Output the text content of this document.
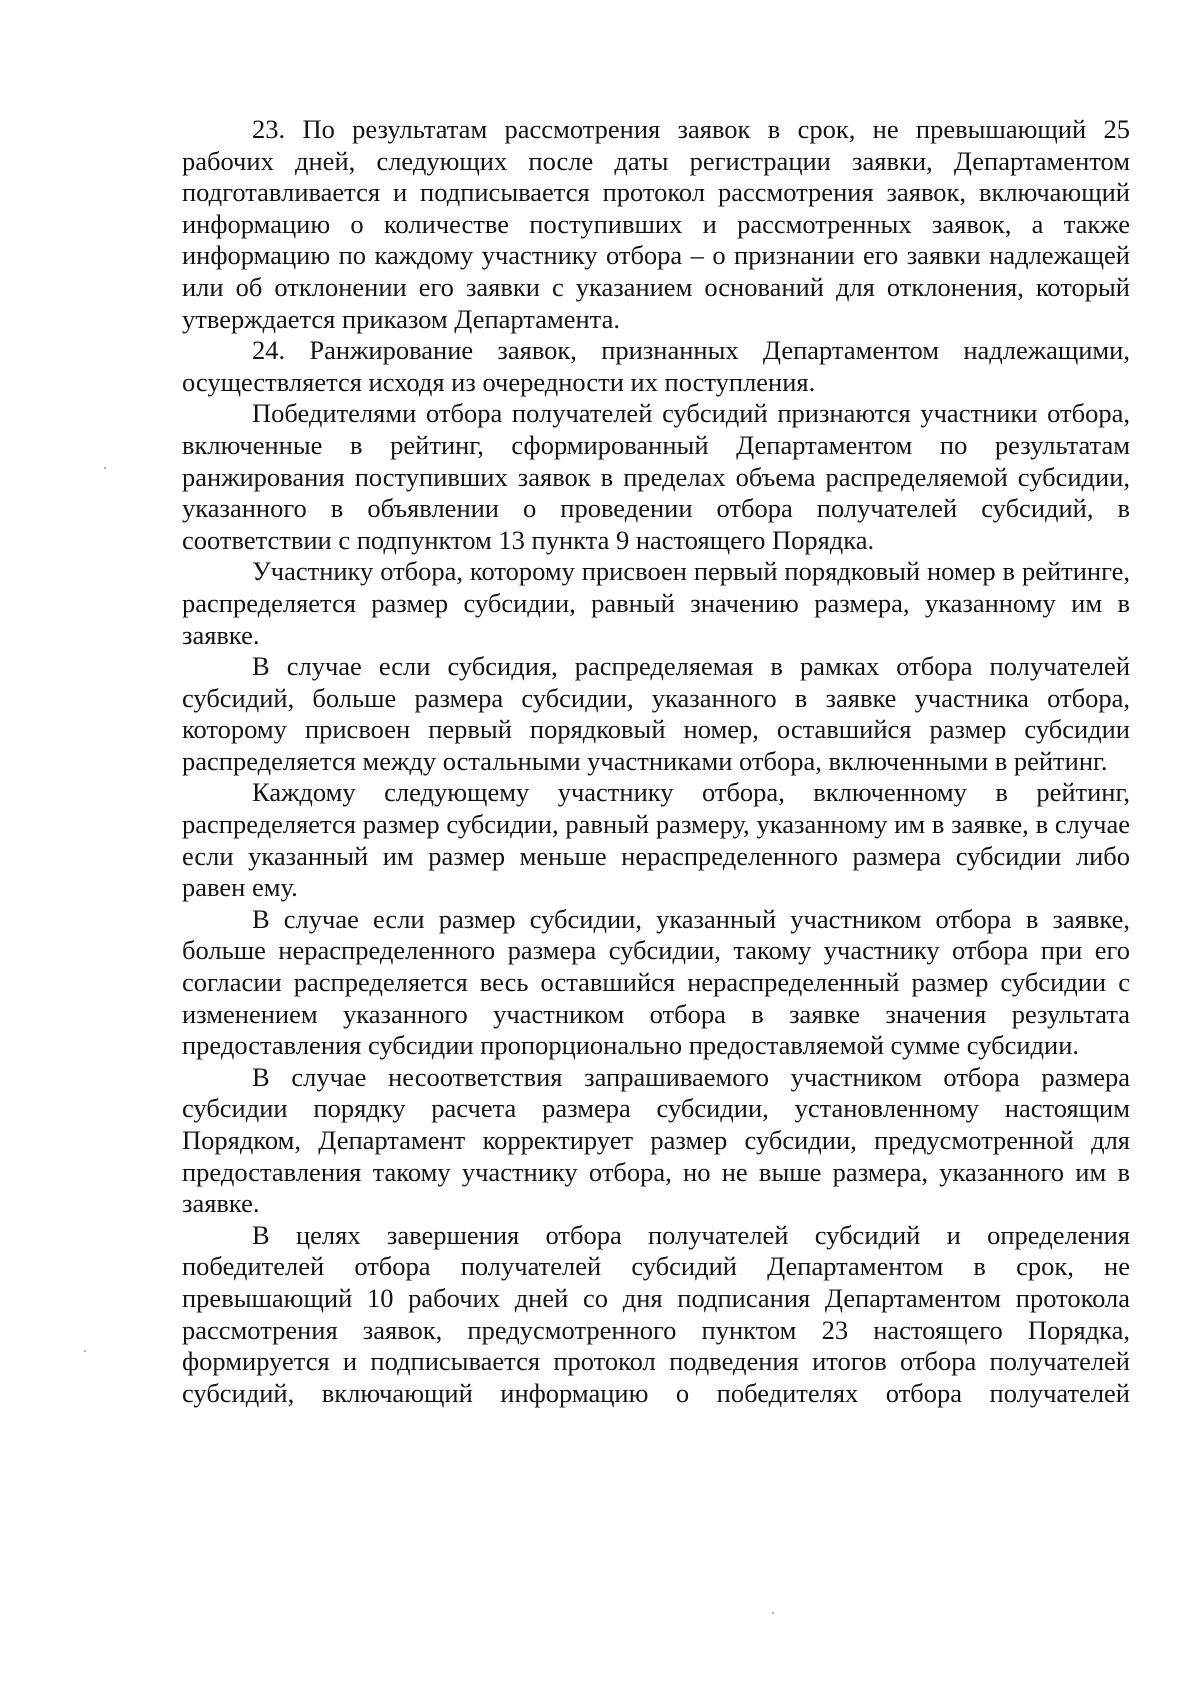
23. По результатам рассмотрения заявок в срок, не превышающий 25 рабочих дней, следующих после даты регистрации заявки, Департаментом подготавливается и подписывается протокол рассмотрения заявок, включающий информацию о количестве поступивших и рассмотренных заявок, а также информацию по каждому участнику отбора – о признании его заявки надлежащей или об отклонении его заявки с указанием оснований для отклонения, который утверждается приказом Департамента.

24. Ранжирование заявок, признанных Департаментом надлежащими, осуществляется исходя из очередности их поступления.

Победителями отбора получателей субсидий признаются участники отбора, включенные в рейтинг, сформированный Департаментом по результатам ранжирования поступивших заявок в пределах объема распределяемой субсидии, указанного в объявлении о проведении отбора получателей субсидий, в соответствии с подпунктом 13 пункта 9 настоящего Порядка.

Участнику отбора, которому присвоен первый порядковый номер в рейтинге, распределяется размер субсидии, равный значению размера, указанному им в заявке.

В случае если субсидия, распределяемая в рамках отбора получателей субсидий, больше размера субсидии, указанного в заявке участника отбора, которому присвоен первый порядковый номер, оставшийся размер субсидии распределяется между остальными участниками отбора, включенными в рейтинг.

Каждому следующему участнику отбора, включенному в рейтинг, распределяется размер субсидии, равный размеру, указанному им в заявке, в случае если указанный им размер меньше нераспределенного размера субсидии либо равен ему.

В случае если размер субсидии, указанный участником отбора в заявке, больше нераспределенного размера субсидии, такому участнику отбора при его согласии распределяется весь оставшийся нераспределенный размер субсидии с изменением указанного участником отбора в заявке значения результата предоставления субсидии пропорционально предоставляемой сумме субсидии.

В случае несоответствия запрашиваемого участником отбора размера субсидии порядку расчета размера субсидии, установленному настоящим Порядком, Департамент корректирует размер субсидии, предусмотренной для предоставления такому участнику отбора, но не выше размера, указанного им в заявке.

В целях завершения отбора получателей субсидий и определения победителей отбора получателей субсидий Департаментом в срок, не превышающий 10 рабочих дней со дня подписания Департаментом протокола рассмотрения заявок, предусмотренного пунктом 23 настоящего Порядка, формируется и подписывается протокол подведения итогов отбора получателей субсидий, включающий информацию о победителях отбора получателей
